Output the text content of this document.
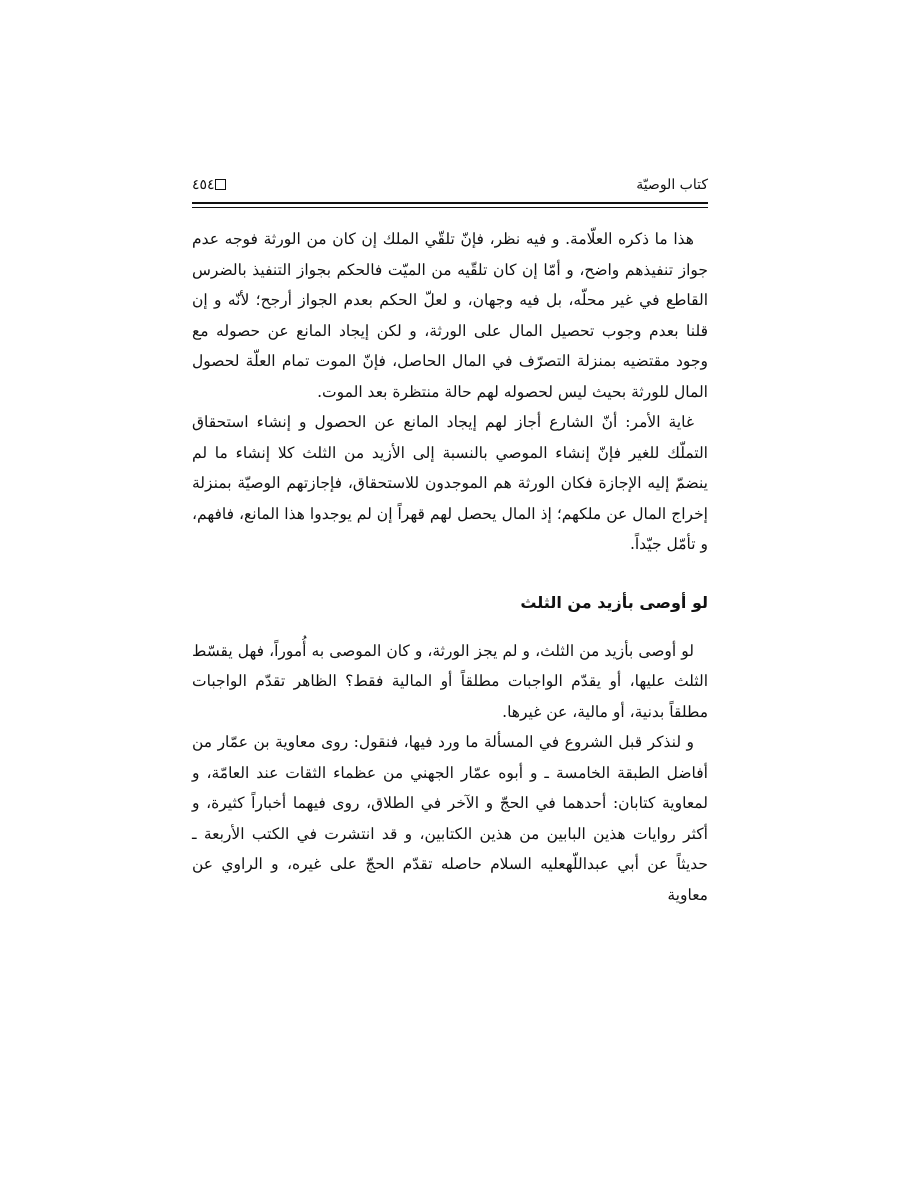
كتاب الوصيّة
٤٥٤

هذا ما ذكره العلّامة. و فيه نظر، فإنّ تلقّي الملك إن كان من الورثة فوجه عدم جواز تنفيذهم واضح، و أمّا إن كان تلقّيه من الميّت فالحكم بجواز التنفيذ بالضرس القاطع في غير محلّه، بل فيه وجهان، و لعلّ الحكم بعدم الجواز أرجح؛ لأنّه و إن قلنا بعدم وجوب تحصيل المال على الورثة، و لكن إيجاد المانع عن حصوله مع وجود مقتضيه بمنزلة التصرّف في المال الحاصل، فإنّ الموت تمام العلّة لحصول المال للورثة بحيث ليس لحصوله لهم حالة منتظرة بعد الموت.

غاية الأمر: أنّ الشارع أجاز لهم إيجاد المانع عن الحصول و إنشاء استحقاق التملّك للغير فإنّ إنشاء الموصي بالنسبة إلى الأزيد من الثلث كلا إنشاء ما لم ينضمّ إليه الإجازة فكان الورثة هم الموجدون للاستحقاق، فإجازتهم الوصيّة بمنزلة إخراج المال عن ملكهم؛ إذ المال يحصل لهم قهراً إن لم يوجدوا هذا المانع، فافهم، و تأمّل جيّداً.

لو أوصى بأزيد من الثلث

لو أوصى بأزيد من الثلث، و لم يجز الورثة، و كان الموصى به أُموراً، فهل يقسّط الثلث عليها، أو يقدّم الواجبات مطلقاً أو المالية فقط؟ الظاهر تقدّم الواجبات مطلقاً بدنية، أو مالية، عن غيرها.

و لنذكر قبل الشروع في المسألة ما ورد فيها، فنقول: روى معاوية بن عمّار من أفاضل الطبقة الخامسة ـ و أبوه عمّار الجهني من عظماء الثقات عند العامّة، و لمعاوية كتابان: أحدهما في الحجّ و الآخر في الطلاق، روى فيهما أخباراً كثيرة، و أكثر روايات هذين البابين من هذين الكتابين، و قد انتشرت في الكتب الأربعة ـ حديثاً عن أبي عبداللّه‏عليه السلام حاصله تقدّم الحجّ على غيره، و الراوي عن معاوية
